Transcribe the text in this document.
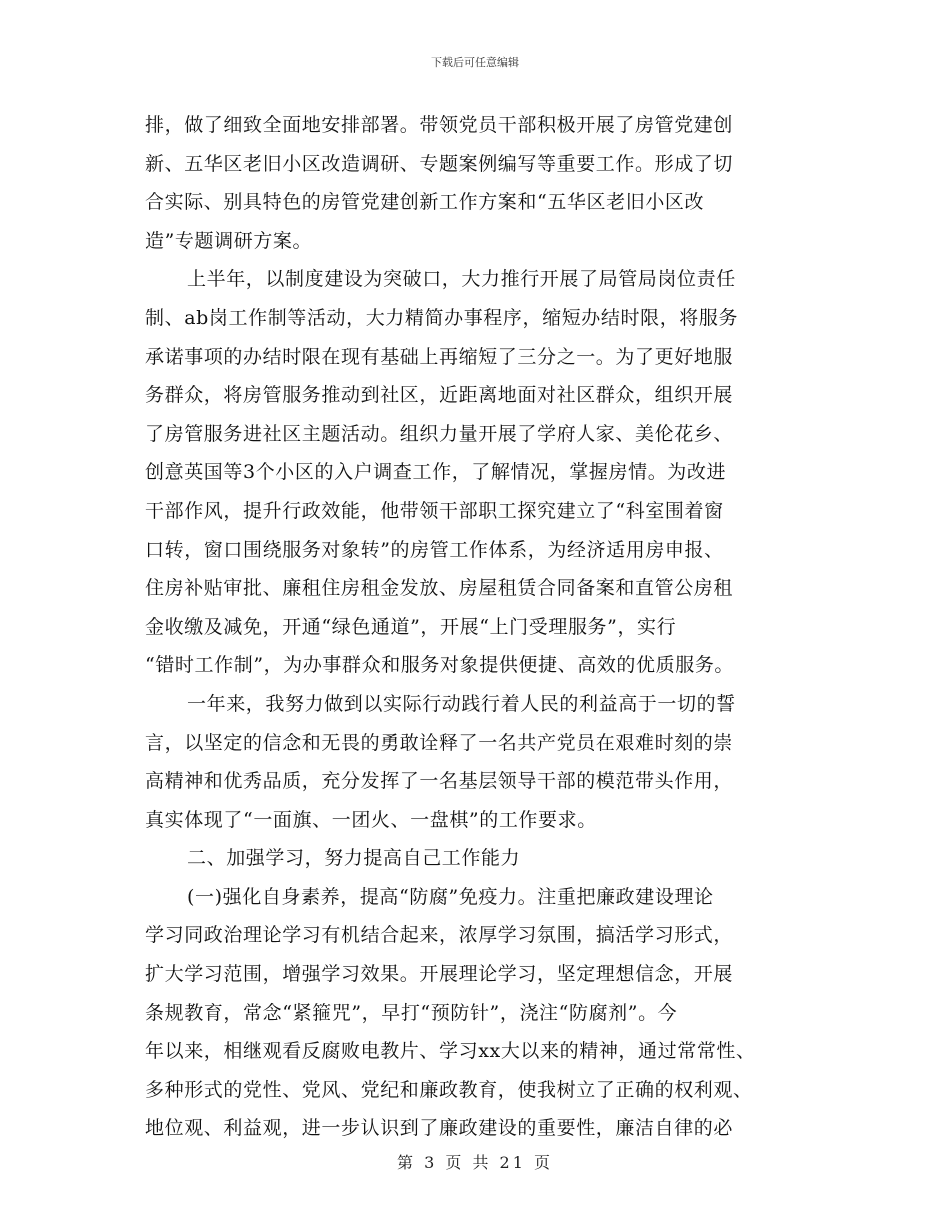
下载后可任意编辑
排，做了细致全面地安排部署。带领党员干部积极开展了房管党建创
新、五华区老旧小区改造调研、专题案例编写等重要工作。形成了切
合实际、别具特色的房管党建创新工作方案和“五华区老旧小区改
造”专题调研方案。
上半年，以制度建设为突破口，大力推行开展了局管局岗位责任
制、ab岗工作制等活动，大力精简办事程序，缩短办结时限，将服务
承诺事项的办结时限在现有基础上再缩短了三分之一。为了更好地服
务群众，将房管服务推动到社区，近距离地面对社区群众，组织开展
了房管服务进社区主题活动。组织力量开展了学府人家、美伦花乡、
创意英国等3个小区的入户调查工作，了解情况，掌握房情。为改进
干部作风，提升行政效能，他带领干部职工探究建立了“科室围着窗
口转，窗口围绕服务对象转”的房管工作体系，为经济适用房申报、
住房补贴审批、廉租住房租金发放、房屋租赁合同备案和直管公房租
金收缴及减免，开通“绿色通道”，开展“上门受理服务”，实行
“错时工作制”，为办事群众和服务对象提供便捷、高效的优质服务。
一年来，我努力做到以实际行动践行着人民的利益高于一切的誓
言，以坚定的信念和无畏的勇敢诠释了一名共产党员在艰难时刻的崇
高精神和优秀品质，充分发挥了一名基层领导干部的模范带头作用，
真实体现了“一面旗、一团火、一盘棋”的工作要求。
二、加强学习，努力提高自己工作能力
(一)强化自身素养，提高“防腐”免疫力。注重把廉政建设理论
学习同政治理论学习有机结合起来，浓厚学习氛围，搞活学习形式，
扩大学习范围，增强学习效果。开展理论学习，坚定理想信念，开展
条规教育，常念“紧箍咒”，早打“预防针”，浇注“防腐剂”。今
年以来，相继观看反腐败电教片、学习xx大以来的精神，通过常常性、
多种形式的党性、党风、党纪和廉政教育，使我树立了正确的权利观、
地位观、利益观，进一步认识到了廉政建设的重要性，廉洁自律的必
第 3 页 共 21 页
